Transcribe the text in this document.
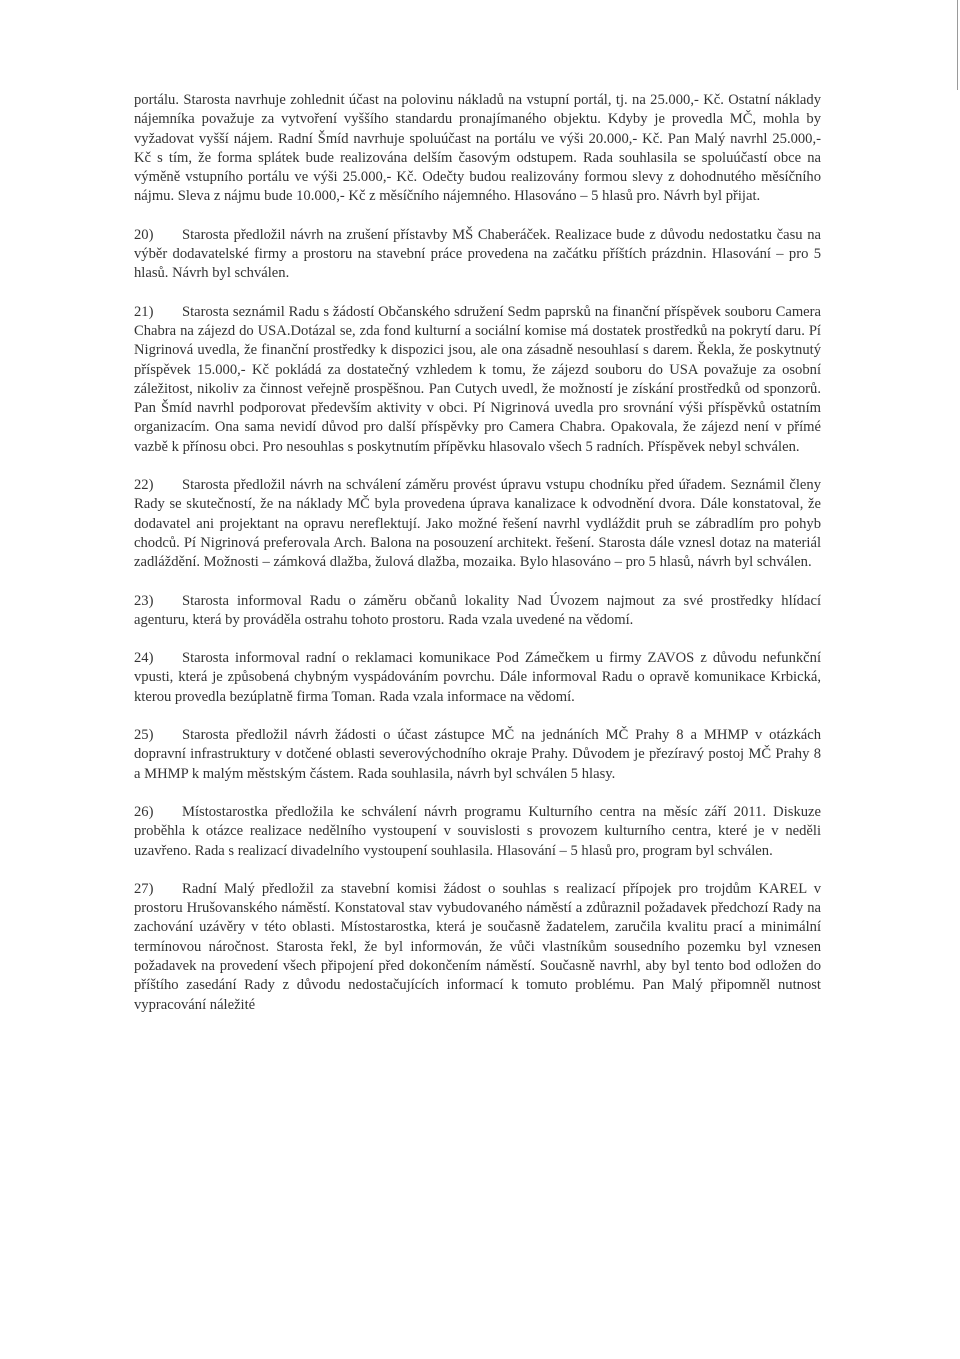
portálu. Starosta navrhuje zohlednit účast na polovinu nákladů na vstupní portál, tj. na 25.000,- Kč. Ostatní náklady nájemníka považuje za vytvoření vyššího standardu pronajímaného objektu. Kdyby je provedla MČ, mohla by vyžadovat vyšší nájem. Radní Šmíd navrhuje spoluúčast na portálu ve výši 20.000,- Kč. Pan Malý navrhl 25.000,- Kč s tím, že forma splátek bude realizována delším časovým odstupem. Rada souhlasila se spoluúčastí obce na výměně vstupního portálu ve výši 25.000,- Kč. Odečty budou realizovány formou slevy z dohodnutého měsíčního nájmu. Sleva z nájmu bude 10.000,- Kč z měsíčního nájemného. Hlasováno – 5 hlasů pro. Návrh byl přijat.

20) Starosta předložil návrh na zrušení přístavby MŠ Chaberáček. Realizace bude z důvodu nedostatku času na výběr dodavatelské firmy a prostoru na stavební práce provedena na začátku příštích prázdnin. Hlasování – pro 5 hlasů. Návrh byl schválen.

21) Starosta seznámil Radu s žádostí Občanského sdružení Sedm paprsků na finanční příspěvek souboru Camera Chabra na zájezd do USA.Dotázal se, zda fond kulturní a sociální komise má dostatek prostředků na pokrytí daru. Pí Nigrinová uvedla, že finanční prostředky k dispozici jsou, ale ona zásadně nesouhlasí s darem. Řekla, že poskytnutý příspěvek 15.000,- Kč pokládá za dostatečný vzhledem k tomu, že zájezd souboru do USA považuje za osobní záležitost, nikoliv za činnost veřejně prospěšnou. Pan Cutych uvedl, že možností je získání prostředků od sponzorů. Pan Šmíd navrhl podporovat především aktivity v obci. Pí Nigrinová uvedla pro srovnání výši příspěvků ostatním organizacím. Ona sama nevidí důvod pro další příspěvky pro Camera Chabra. Opakovala, že zájezd není v přímé vazbě k přínosu obci. Pro nesouhlas s poskytnutím přípěvku hlasovalo všech 5 radních. Příspěvek nebyl schválen.

22) Starosta předložil návrh na schválení záměru provést úpravu vstupu chodníku před úřadem. Seznámil členy Rady se skutečností, že na náklady MČ byla provedena úprava kanalizace k odvodnění dvora. Dále konstatoval, že dodavatel ani projektant na opravu nereflektují. Jako možné řešení navrhl vydláždit pruh se zábradlím pro pohyb chodců. Pí Nigrinová preferovala Arch. Balona na posouzení architekt. řešení. Starosta dále vznesl dotaz na materiál zadláždění. Možnosti – zámková dlažba, žulová dlažba, mozaika. Bylo hlasováno – pro 5 hlasů, návrh byl schválen.

23) Starosta informoval Radu o záměru občanů lokality Nad Úvozem najmout za své prostředky hlídací agenturu, která by prováděla ostrahu tohoto prostoru. Rada vzala uvedené na vědomí.

24) Starosta informoval radní o reklamaci komunikace Pod Zámečkem u firmy ZAVOS z důvodu nefunkční vpusti, která je způsobená chybným vyspádováním povrchu. Dále informoval Radu o opravě komunikace Krbická, kterou provedla bezúplatně firma Toman. Rada vzala informace na vědomí.

25) Starosta předložil návrh žádosti o účast zástupce MČ na jednáních MČ Prahy 8 a MHMP v otázkách dopravní infrastruktury v dotčené oblasti severovýchodního okraje Prahy. Důvodem je přezíravý postoj MČ Prahy 8 a MHMP k malým městským částem. Rada souhlasila, návrh byl schválen 5 hlasy.

26) Místostarostka předložila ke schválení návrh programu Kulturního centra na měsíc září 2011. Diskuze proběhla k otázce realizace nedělního vystoupení v souvislosti s provozem kulturního centra, které je v neděli uzavřeno. Rada s realizací divadelního vystoupení souhlasila. Hlasování – 5 hlasů pro, program byl schválen.

27) Radní Malý předložil za stavební komisi žádost o souhlas s realizací přípojek pro trojdům KAREL v prostoru Hrušovanského náměstí. Konstatoval stav vybudovaného náměstí a zdůraznil požadavek předchozí Rady na zachování uzávěry v této oblasti. Místostarostka, která je současně žadatelem, zaručila kvalitu prací a minimální termínovou náročnost. Starosta řekl, že byl informován, že vůči vlastníkům sousedního pozemku byl vznesen požadavek na provedení všech připojení před dokončením náměstí. Současně navrhl, aby byl tento bod odložen do příštího zasedání Rady z důvodu nedostačujících informací k tomuto problému. Pan Malý připomněl nutnost vypracování náležité
